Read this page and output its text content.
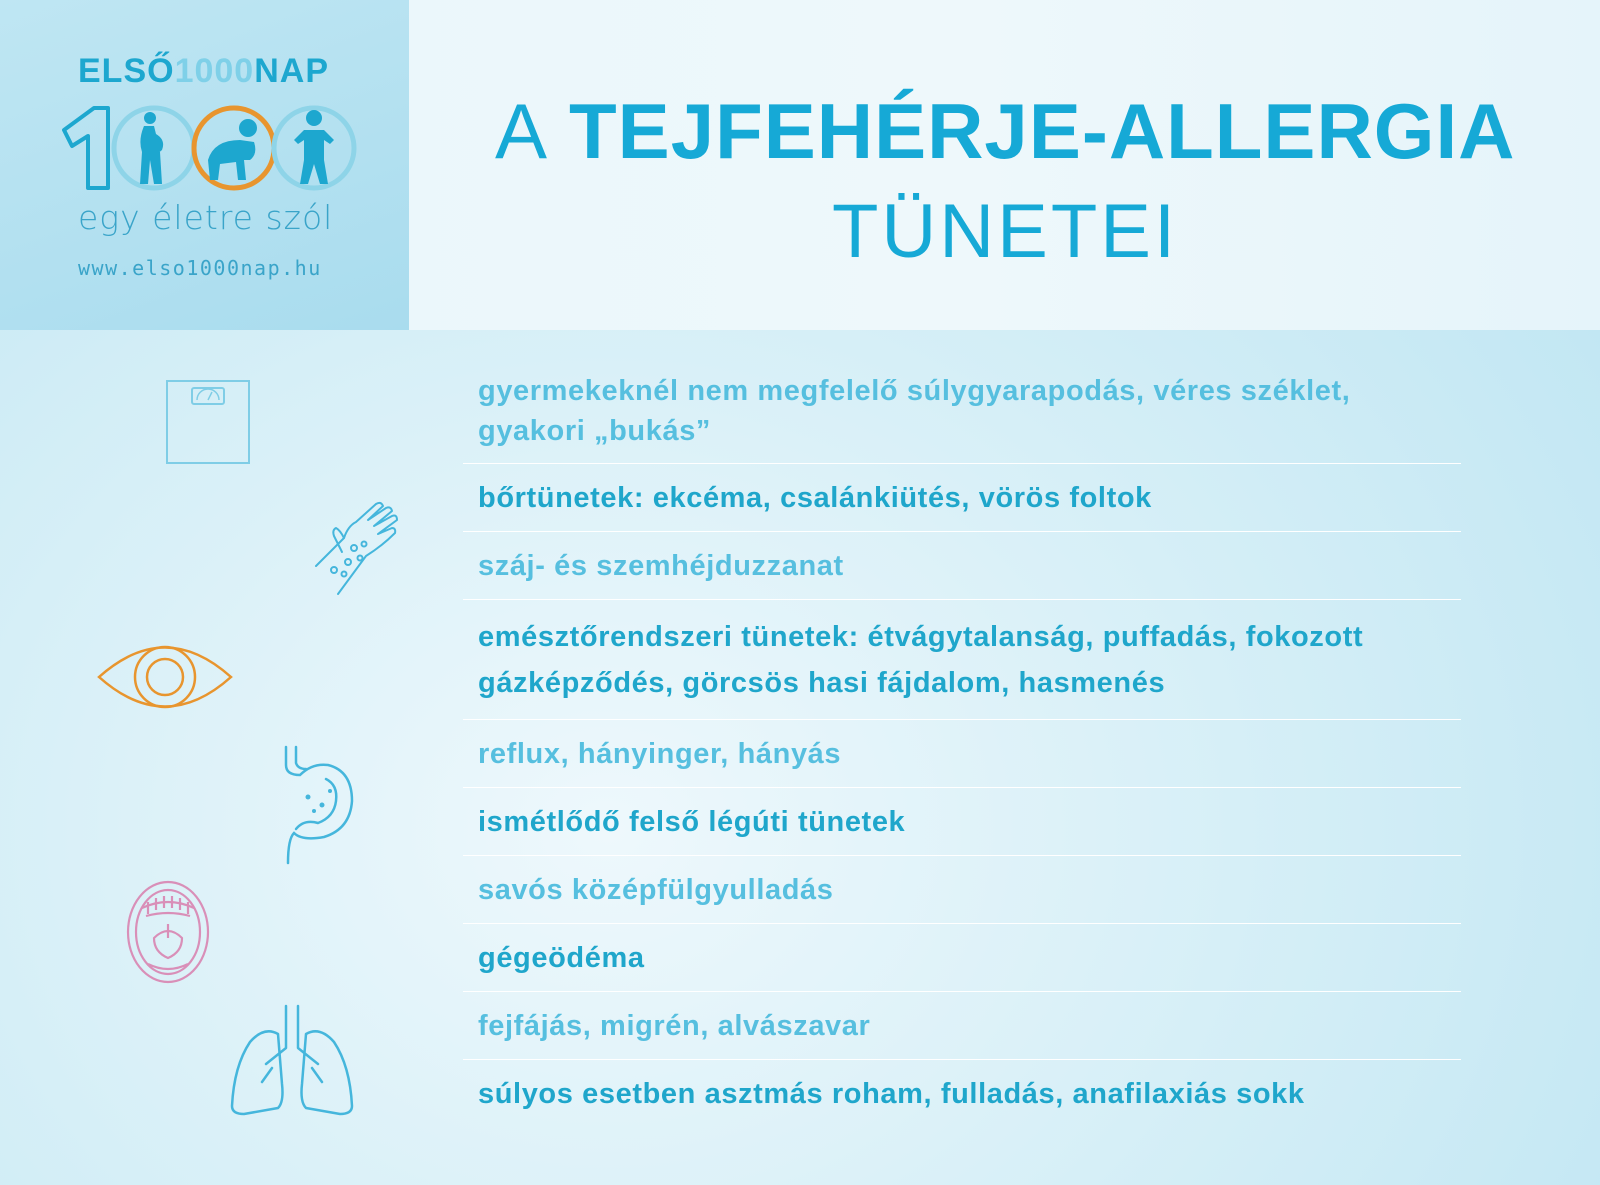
ELSŐ1000NAP
egy életre szól
www.elso1000nap.hu
A TEJFEHÉRJE-ALLERGIA
TÜNETEI
gyermekeknél nem megfelelő súlygyarapodás, véres széklet, gyakori „bukás”
bőrtünetek: ekcéma, csalánkiütés, vörös foltok
száj- és szemhéjduzzanat
emésztőrendszeri tünetek: étvágytalanság, puffadás, fokozott gázképződés, görcsös hasi fájdalom, hasmenés
reflux, hányinger, hányás
ismétlődő felső légúti tünetek
savós középfülgyulladás
gégeödéma
fejfájás, migrén, alvászavar
súlyos esetben asztmás roham, fulladás, anafilaxiás sokk
